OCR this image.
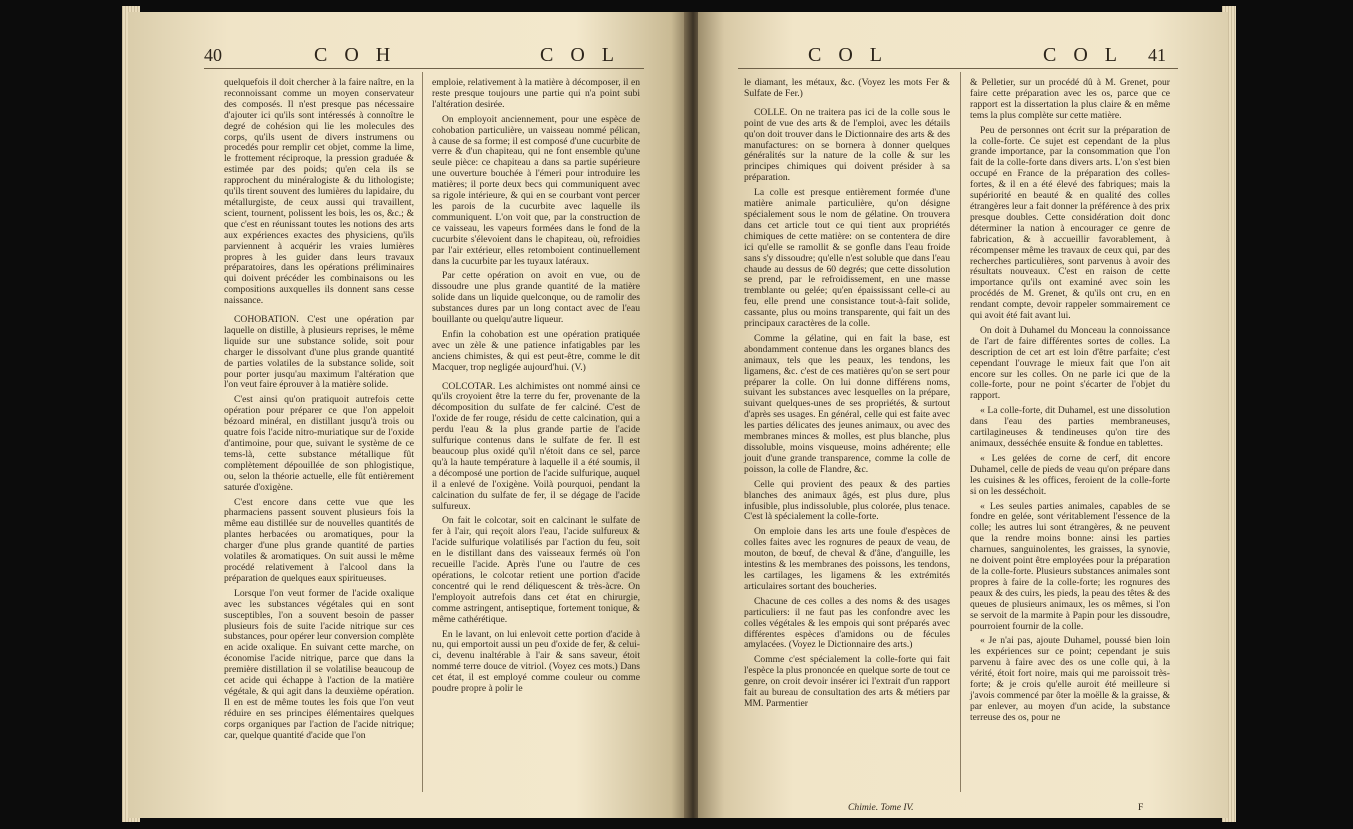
40	C O H	C O L

quelquefois il doit chercher à la faire naître, en la reconnoissant comme un moyen conservateur des composés. Il n'est presque pas nécessaire d'ajouter ici qu'ils sont intéressés à connoître le degré de cohésion qui lie les molecules des corps, qu'ils usent de divers instrumens ou procedés pour remplir cet objet, comme la lime, le frottement réciproque, la pression graduée & estimée par des poids; qu'en cela ils se rapprochent du minéralogiste & du lithologiste; qu'ils tirent souvent des lumières du lapidaire, du métallurgiste, de ceux aussi qui travaillent, scient, tournent, polissent les bois, les os, &c.; & que c'est en réunissant toutes les notions des arts aux expériences exactes des physiciens, qu'ils parviennent à acquérir les vraies lumières propres à les guider dans leurs travaux préparatoires, dans les opérations préliminaires qui doivent précéder les combinaisons ou les compositions auxquelles ils donnent sans cesse naissance.

COHOBATION. C'est une opération par laquelle on distille, à plusieurs reprises, le même liquide sur une substance solide, soit pour charger le dissolvant d'une plus grande quantité de parties volatiles de la substance solide, soit pour porter jusqu'au maximum l'altération que l'on veut faire éprouver à la matière solide.

C'est ainsi qu'on pratiquoit autrefois cette opération pour préparer ce que l'on appeloit bézoard minéral, en distillant jusqu'à trois ou quatre fois l'acide nitro-muriatique sur de l'oxide d'antimoine, pour que, suivant le système de ce tems-là, cette substance métallique fût complètement dépouillée de son phlogistique, ou, selon la théorie actuelle, elle fût entièrement saturée d'oxigène.

C'est encore dans cette vue que les pharmaciens passent souvent plusieurs fois la même eau distillée sur de nouvelles quantités de plantes herbacées ou aromatiques, pour la charger d'une plus grande quantité de parties volatiles & aromatiques. On suit aussi le même procédé relativement à l'alcool dans la préparation de quelques eaux spiritueuses.

Lorsque l'on veut former de l'acide oxalique avec les substances végétales qui en sont susceptibles, l'on a souvent besoin de passer plusieurs fois de suite l'acide nitrique sur ces substances, pour opérer leur conversion complète en acide oxalique. En suivant cette marche, on économise l'acide nitrique, parce que dans la première distillation il se volatilise beaucoup de cet acide qui échappe à l'action de la matière végétale, & qui agit dans la deuxième opération. Il en est de même toutes les fois que l'on veut réduire en ses principes élémentaires quelques corps organiques par l'action de l'acide nitrique; car, quelque quantité d'acide que l'on

emploie, relativement à la matière à décomposer, il en reste presque toujours une partie qui n'a point subi l'altération desirée.

On employoit anciennement, pour une espèce de cohobation particulière, un vaisseau nommé pélican, à cause de sa forme; il est composé d'une cucurbite de verre & d'un chapiteau, qui ne font ensemble qu'une seule pièce: ce chapiteau a dans sa partie supérieure une ouverture bouchée à l'émeri pour introduire les matières; il porte deux becs qui communiquent avec sa rigole intérieure, & qui en se courbant vont percer les parois de la cucurbite avec laquelle ils communiquent. L'on voit que, par la construction de ce vaisseau, les vapeurs formées dans le fond de la cucurbite s'élevoient dans le chapiteau, où, refroidies par l'air extérieur, elles retomboient continuellement dans la cucurbite par les tuyaux latéraux.

Par cette opération on avoit en vue, ou de dissoudre une plus grande quantité de la matière solide dans un liquide quelconque, ou de ramolir des substances dures par un long contact avec de l'eau bouillante ou quelqu'autre liqueur.

Enfin la cohobation est une opération pratiquée avec un zèle & une patience infatigables par les anciens chimistes, & qui est peut-être, comme le dit Macquer, trop negligée aujourd'hui. (V.)

COLCOTAR. Les alchimistes ont nommé ainsi ce qu'ils croyoient être la terre du fer, provenante de la décomposition du sulfate de fer calciné. C'est de l'oxide de fer rouge, résidu de cette calcination, qui a perdu l'eau & la plus grande partie de l'acide sulfurique contenus dans le sulfate de fer. Il est beaucoup plus oxidé qu'il n'étoit dans ce sel, parce qu'à la haute température à laquelle il a été soumis, il a décomposé une portion de l'acide sulfurique, auquel il a enlevé de l'oxigène. Voilà pourquoi, pendant la calcination du sulfate de fer, il se dégage de l'acide sulfureux.

On fait le colcotar, soit en calcinant le sulfate de fer à l'air, qui reçoit alors l'eau, l'acide sulfureux & l'acide sulfurique volatilisés par l'action du feu, soit en le distillant dans des vaisseaux fermés où l'on recueille l'acide. Après l'une ou l'autre de ces opérations, le colcotar retient une portion d'acide concentré qui le rend déliquescent & très-àcre. On l'employoit autrefois dans cet état en chirurgie, comme astringent, antiseptique, fortement tonique, & même cathérétique.

En le lavant, on lui enlevoit cette portion d'acide à nu, qui emportoit aussi un peu d'oxide de fer, & celui-ci, devenu inaltérable à l'air & sans saveur, étoit nommé terre douce de vitriol. (Voyez ces mots.) Dans cet état, il est employé comme couleur ou comme poudre propre à polir le

C O L	C O L 41

le diamant, les métaux, &c. (Voyez les mots Fer & Sulfate de Fer.)

COLLE. On ne traitera pas ici de la colle sous le point de vue des arts & de l'emploi, avec les détails qu'on doit trouver dans le Dictionnaire des arts & des manufactures: on se bornera à donner quelques généralités sur la nature de la colle & sur les principes chimiques qui doivent présider à sa préparation.

La colle est presque entièrement formée d'une matière animale particulière, qu'on désigne spécialement sous le nom de gélatine. On trouvera dans cet article tout ce qui tient aux propriétés chimiques de cette matière: on se contentera de dire ici qu'elle se ramollit & se gonfle dans l'eau froide sans s'y dissoudre; qu'elle n'est soluble que dans l'eau chaude au dessus de 60 degrés; que cette dissolution se prend, par le refroidissement, en une masse tremblante ou gelée; qu'en épaississant celle-ci au feu, elle prend une consistance tout-à-fait solide, cassante, plus ou moins transparente, qui fait un des principaux caractères de la colle.

Comme la gélatine, qui en fait la base, est abondamment contenue dans les organes blancs des animaux, tels que les peaux, les tendons, les ligamens, &c. c'est de ces matières qu'on se sert pour préparer la colle. On lui donne différens noms, suivant les substances avec lesquelles on la prépare, suivant quelques-unes de ses propriétés, & surtout d'après ses usages. En général, celle qui est faite avec les parties délicates des jeunes animaux, ou avec des membranes minces & molles, est plus blanche, plus dissoluble, moins visqueuse, moins adhérente; elle jouit d'une grande transparence, comme la colle de poisson, la colle de Flandre, &c.

Celle qui provient des peaux & des parties blanches des animaux âgés, est plus dure, plus infusible, plus indissoluble, plus colorée, plus tenace. C'est là spécialement la colle-forte.

On emploie dans les arts une foule d'espèces de colles faites avec les rognures de peaux de veau, de mouton, de bœuf, de cheval & d'âne, d'anguille, les intestins & les membranes des poissons, les tendons, les cartilages, les ligamens & les extrémités articulaires sortant des boucheries.

Chacune de ces colles a des noms & des usages particuliers: il ne faut pas les confondre avec les colles végétales & les empois qui sont préparés avec différentes espèces d'amidons ou de fécules amylacées. (Voyez le Dictionnaire des arts.)

Comme c'est spécialement la colle-forte qui fait l'espèce la plus prononcée en quelque sorte de tout ce genre, on croit devoir insérer ici l'extrait d'un rapport fait au bureau de consultation des arts & métiers par MM. Parmentier

& Pelletier, sur un procédé dû à M. Grenet, pour faire cette préparation avec les os, parce que ce rapport est la dissertation la plus claire & en même tems la plus complète sur cette matière.

Peu de personnes ont écrit sur la préparation de la colle-forte. Ce sujet est cependant de la plus grande importance, par la consommation que l'on fait de la colle-forte dans divers arts. L'on s'est bien occupé en France de la préparation des colles-fortes, & il en a été élevé des fabriques; mais la supériorité en beauté & en qualité des colles étrangères leur a fait donner la préférence à des prix presque doubles. Cette considération doit donc déterminer la nation à encourager ce genre de fabrication, & à accueillir favorablement, à récompenser même les travaux de ceux qui, par des recherches particulières, sont parvenus à avoir des résultats nouveaux. C'est en raison de cette importance qu'ils ont examiné avec soin les procédés de M. Grenet, & qu'ils ont cru, en en rendant compte, devoir rappeler sommairement ce qui avoit été fait avant lui.

On doit à Duhamel du Monceau la connoissance de l'art de faire différentes sortes de colles. La description de cet art est loin d'être parfaite; c'est cependant l'ouvrage le mieux fait que l'on ait encore sur les colles. On ne parle ici que de la colle-forte, pour ne point s'écarter de l'objet du rapport.

« La colle-forte, dit Duhamel, est une dissolution dans l'eau des parties membraneuses, cartilagineuses & tendineuses qu'on tire des animaux, desséchée ensuite & fondue en tablettes.

« Les gelées de corne de cerf, dit encore Duhamel, celle de pieds de veau qu'on prépare dans les cuisines & les offices, feroient de la colle-forte si on les desséchoit.

« Les seules parties animales, capables de se fondre en gelée, sont véritablement l'essence de la colle; les autres lui sont étrangères, & ne peuvent que la rendre moins bonne: ainsi les parties charnues, sanguinolentes, les graisses, la synovie, ne doivent point être employées pour la préparation de la colle-forte. Plusieurs substances animales sont propres à faire de la colle-forte; les rognures des peaux & des cuirs, les pieds, la peau des têtes & des queues de plusieurs animaux, les os mêmes, si l'on se servoit de la marmite à Papin pour les dissoudre, pourroient fournir de la colle.

« Je n'ai pas, ajoute Duhamel, poussé bien loin les expériences sur ce point; cependant je suis parvenu à faire avec des os une colle qui, à la vérité, étoit fort noire, mais qui me paroissoit très-forte; & je crois qu'elle auroit été meilleure si j'avois commencé par ôter la moëlle & la graisse, & par enlever, au moyen d'un acide, la substance terreuse des os, pour ne

Chimie. Tome IV.	F
